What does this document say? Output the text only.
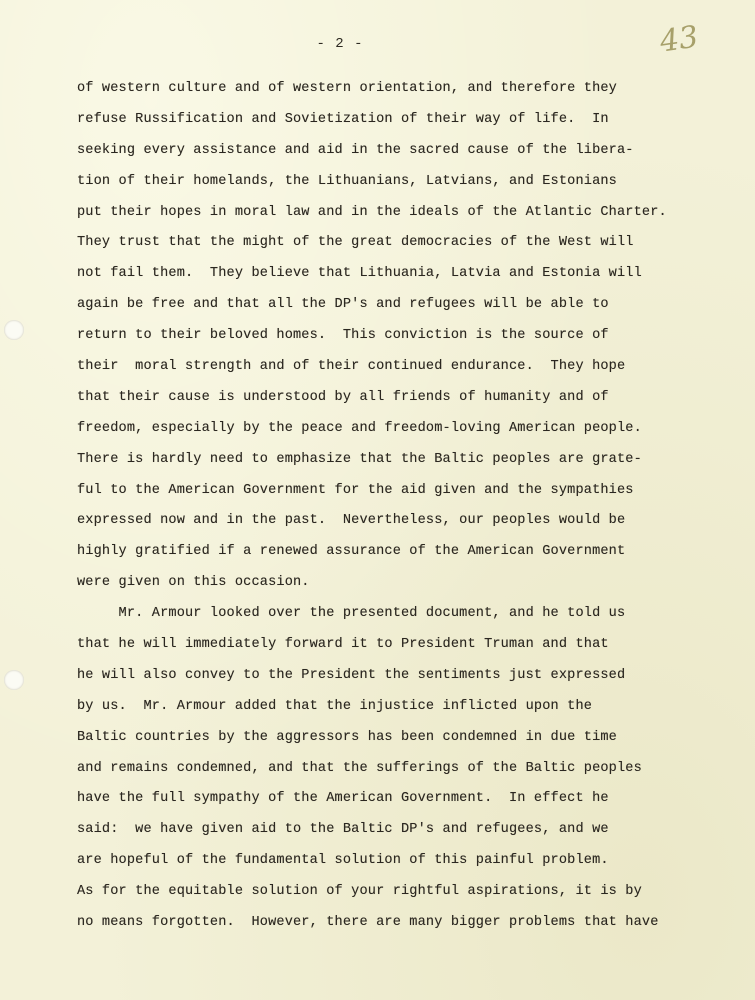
- 2 -	43
of western culture and of western orientation, and therefore they
refuse Russification and Sovietization of their way of life.  In
seeking every assistance and aid in the sacred cause of the libera-
tion of their homelands, the Lithuanians, Latvians, and Estonians
put their hopes in moral law and in the ideals of the Atlantic Charter.
They trust that the might of the great democracies of the West will
not fail them.  They believe that Lithuania, Latvia and Estonia will
again be free and that all the DP's and refugees will be able to
return to their beloved homes.  This conviction is the source of
their  moral strength and of their continued endurance.  They hope
that their cause is understood by all friends of humanity and of
freedom, especially by the peace and freedom-loving American people.
There is hardly need to emphasize that the Baltic peoples are grate-
ful to the American Government for the aid given and the sympathies
expressed now and in the past.  Nevertheless, our peoples would be
highly gratified if a renewed assurance of the American Government
were given on this occasion.
Mr. Armour looked over the presented document, and he told us
that he will immediately forward it to President Truman and that
he will also convey to the President the sentiments just expressed
by us.  Mr. Armour added that the injustice inflicted upon the
Baltic countries by the aggressors has been condemned in due time
and remains condemned, and that the sufferings of the Baltic peoples
have the full sympathy of the American Government.  In effect he
said:  we have given aid to the Baltic DP's and refugees, and we
are hopeful of the fundamental solution of this painful problem.
As for the equitable solution of your rightful aspirations, it is by
no means forgotten.  However, there are many bigger problems that have
